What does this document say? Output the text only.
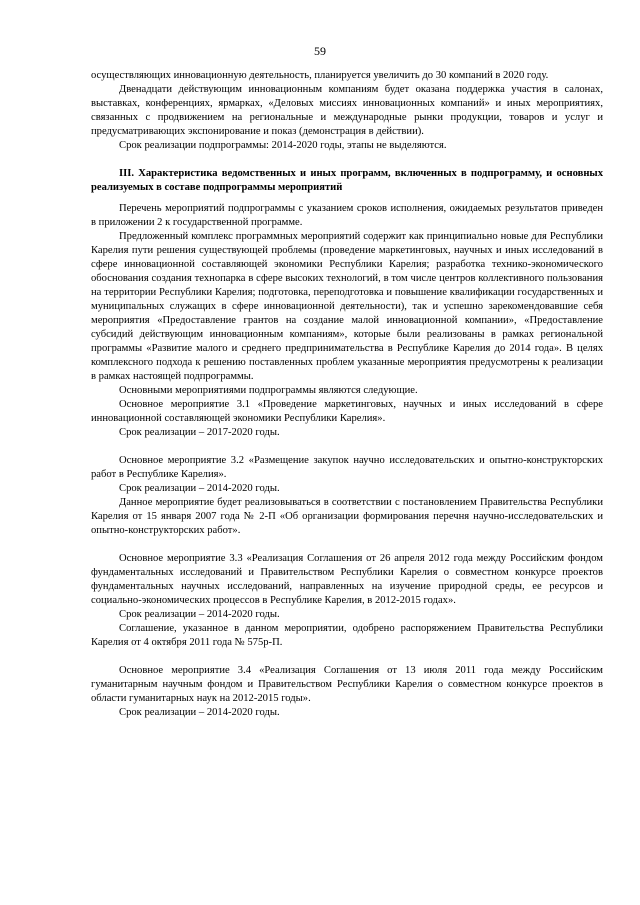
59

осуществляющих инновационную деятельность, планируется увеличить до 30 компаний в 2020 году.

Двенадцати действующим инновационным компаниям будет оказана поддержка участия в салонах, выставках, конференциях, ярмарках, «Деловых миссиях инновационных компаний» и иных мероприятиях, связанных с продвижением на региональные и международные рынки продукции, товаров и услуг и предусматривающих экспонирование и показ (демонстрация в действии).

Срок реализации подпрограммы: 2014-2020 годы, этапы не выделяются.

III. Характеристика ведомственных и иных программ, включенных в подпрограмму, и основных реализуемых в составе подпрограммы мероприятий

Перечень мероприятий подпрограммы с указанием сроков исполнения, ожидаемых результатов приведен в приложении 2 к государственной программе.

Предложенный комплекс программных мероприятий содержит как принципиально новые для Республики Карелия пути решения существующей проблемы (проведение маркетинговых, научных и иных исследований в сфере инновационной составляющей экономики Республики Карелия; разработка технико-экономического обоснования создания технопарка в сфере высоких технологий, в том числе центров коллективного пользования на территории Республики Карелия; подготовка, переподготовка и повышение квалификации государственных и муниципальных служащих в сфере инновационной деятельности), так и успешно зарекомендовавшие себя мероприятия «Предоставление грантов на создание малой инновационной компании», «Предоставление субсидий действующим инновационным компаниям», которые были реализованы в рамках региональной программы «Развитие малого и среднего предпринимательства в Республике Карелия до 2014 года». В целях комплексного подхода к решению поставленных проблем указанные мероприятия предусмотрены к реализации в рамках настоящей подпрограммы.

Основными мероприятиями подпрограммы являются следующие.

Основное мероприятие 3.1 «Проведение маркетинговых, научных и иных исследований в сфере инновационной составляющей экономики Республики Карелия».

Срок реализации – 2017-2020 годы.

Основное мероприятие 3.2 «Размещение закупок научно исследовательских и опытно-конструкторских работ в Республике Карелия».

Срок реализации – 2014-2020 годы.

Данное мероприятие будет реализовываться в соответствии с постановлением Правительства Республики Карелия от 15 января 2007 года № 2-П «Об организации формирования перечня научно-исследовательских и опытно-конструкторских работ».

Основное мероприятие 3.3 «Реализация Соглашения от 26 апреля 2012 года между Российским фондом фундаментальных исследований и Правительством Республики Карелия о совместном конкурсе проектов фундаментальных научных исследований, направленных на изучение природной среды, ее ресурсов и социально-экономических процессов в Республике Карелия, в 2012-2015 годах».

Срок реализации – 2014-2020 годы.

Соглашение, указанное в данном мероприятии, одобрено распоряжением Правительства Республики Карелия от 4 октября 2011 года № 575р-П.

Основное мероприятие 3.4 «Реализация Соглашения от 13 июля 2011 года между Российским гуманитарным научным фондом и Правительством Республики Карелия о совместном конкурсе проектов в области гуманитарных наук на 2012-2015 годы».

Срок реализации – 2014-2020 годы.
